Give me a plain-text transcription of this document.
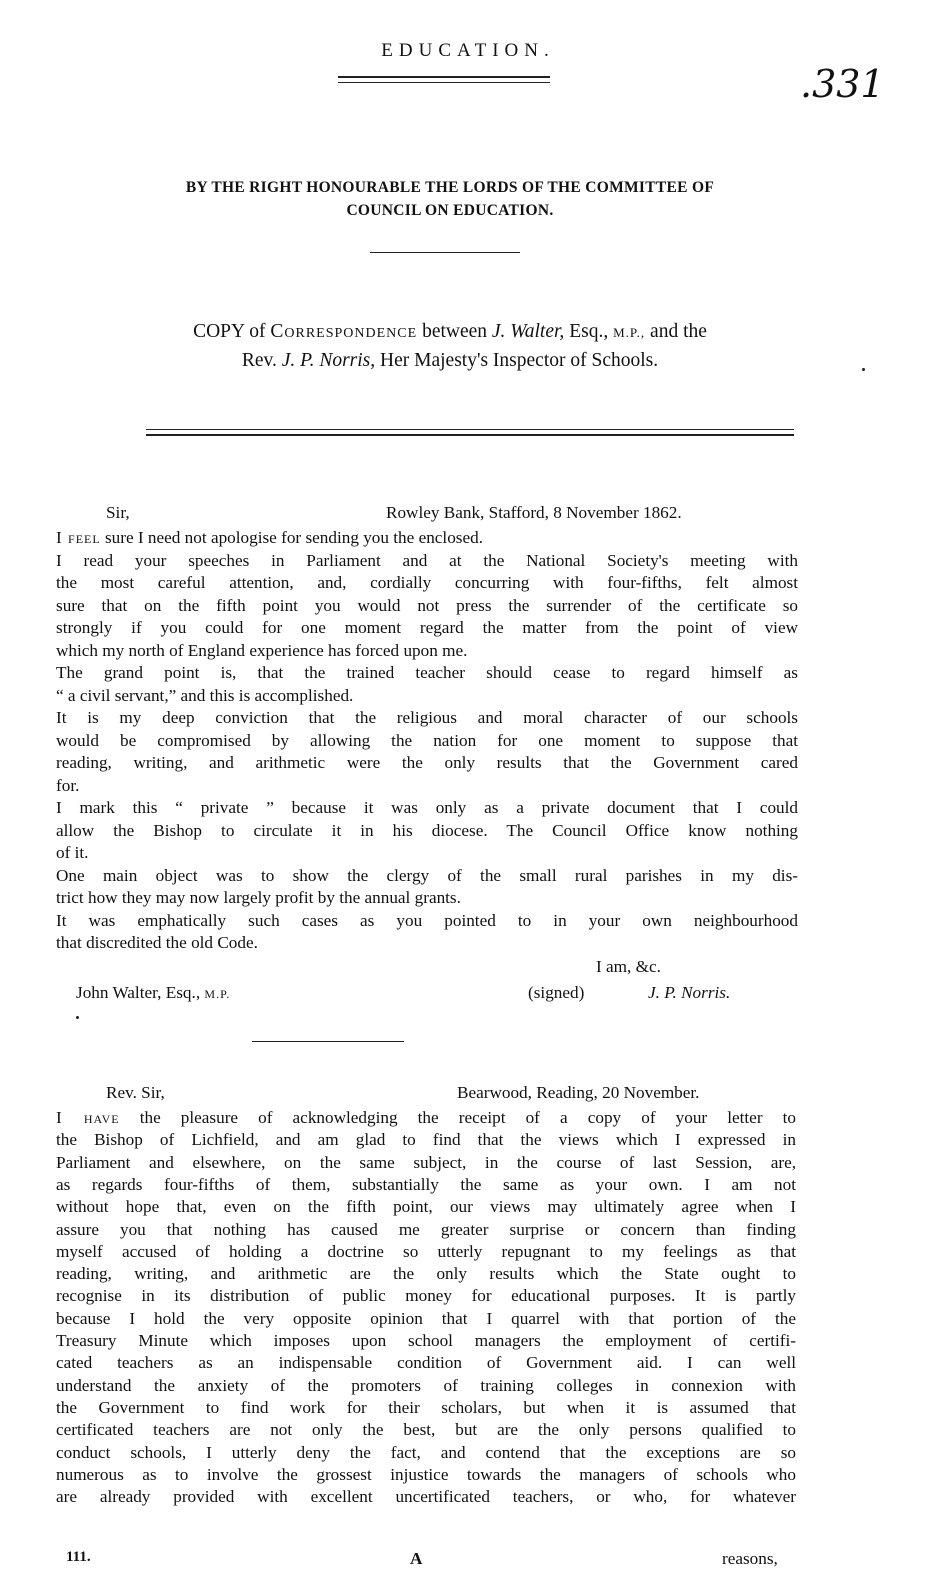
EDUCATION.
.331
BY THE RIGHT HONOURABLE THE LORDS OF THE COMMITTEE OF
COUNCIL ON EDUCATION.
COPY of Correspondence between J. Walter, Esq., M.P., and the
Rev. J. P. Norris, Her Majesty's Inspector of Schools.
Sir,	Rowley Bank, Stafford, 8 November 1862.
I feel sure I need not apologise for sending you the enclosed.
I read your speeches in Parliament and at the National Society's meeting with
the most careful attention, and, cordially concurring with four-fifths, felt almost
sure that on the fifth point you would not press the surrender of the certificate so
strongly if you could for one moment regard the matter from the point of view
which my north of England experience has forced upon me.
The grand point is, that the trained teacher should cease to regard himself as
“ a civil servant,” and this is accomplished.
It is my deep conviction that the religious and moral character of our schools
would be compromised by allowing the nation for one moment to suppose that
reading, writing, and arithmetic were the only results that the Government cared
for.
I mark this “ private ” because it was only as a private document that I could
allow the Bishop to circulate it in his diocese. The Council Office know nothing
of it.
One main object was to show the clergy of the small rural parishes in my dis-
trict how they may now largely profit by the annual grants.
It was emphatically such cases as you pointed to in your own neighbourhood
that discredited the old Code.
I am, &c.
John Walter, Esq., M.P.	(signed)	J. P. Norris.
Rev. Sir,	Bearwood, Reading, 20 November.
I have the pleasure of acknowledging the receipt of a copy of your letter to
the Bishop of Lichfield, and am glad to find that the views which I expressed in
Parliament and elsewhere, on the same subject, in the course of last Session, are,
as regards four-fifths of them, substantially the same as your own. I am not
without hope that, even on the fifth point, our views may ultimately agree when I
assure you that nothing has caused me greater surprise or concern than finding
myself accused of holding a doctrine so utterly repugnant to my feelings as that
reading, writing, and arithmetic are the only results which the State ought to
recognise in its distribution of public money for educational purposes. It is partly
because I hold the very opposite opinion that I quarrel with that portion of the
Treasury Minute which imposes upon school managers the employment of certifi-
cated teachers as an indispensable condition of Government aid. I can well
understand the anxiety of the promoters of training colleges in connexion with
the Government to find work for their scholars, but when it is assumed that
certificated teachers are not only the best, but are the only persons qualified to
conduct schools, I utterly deny the fact, and contend that the exceptions are so
numerous as to involve the grossest injustice towards the managers of schools who
are already provided with excellent uncertificated teachers, or who, for whatever
111.	A	reasons,
